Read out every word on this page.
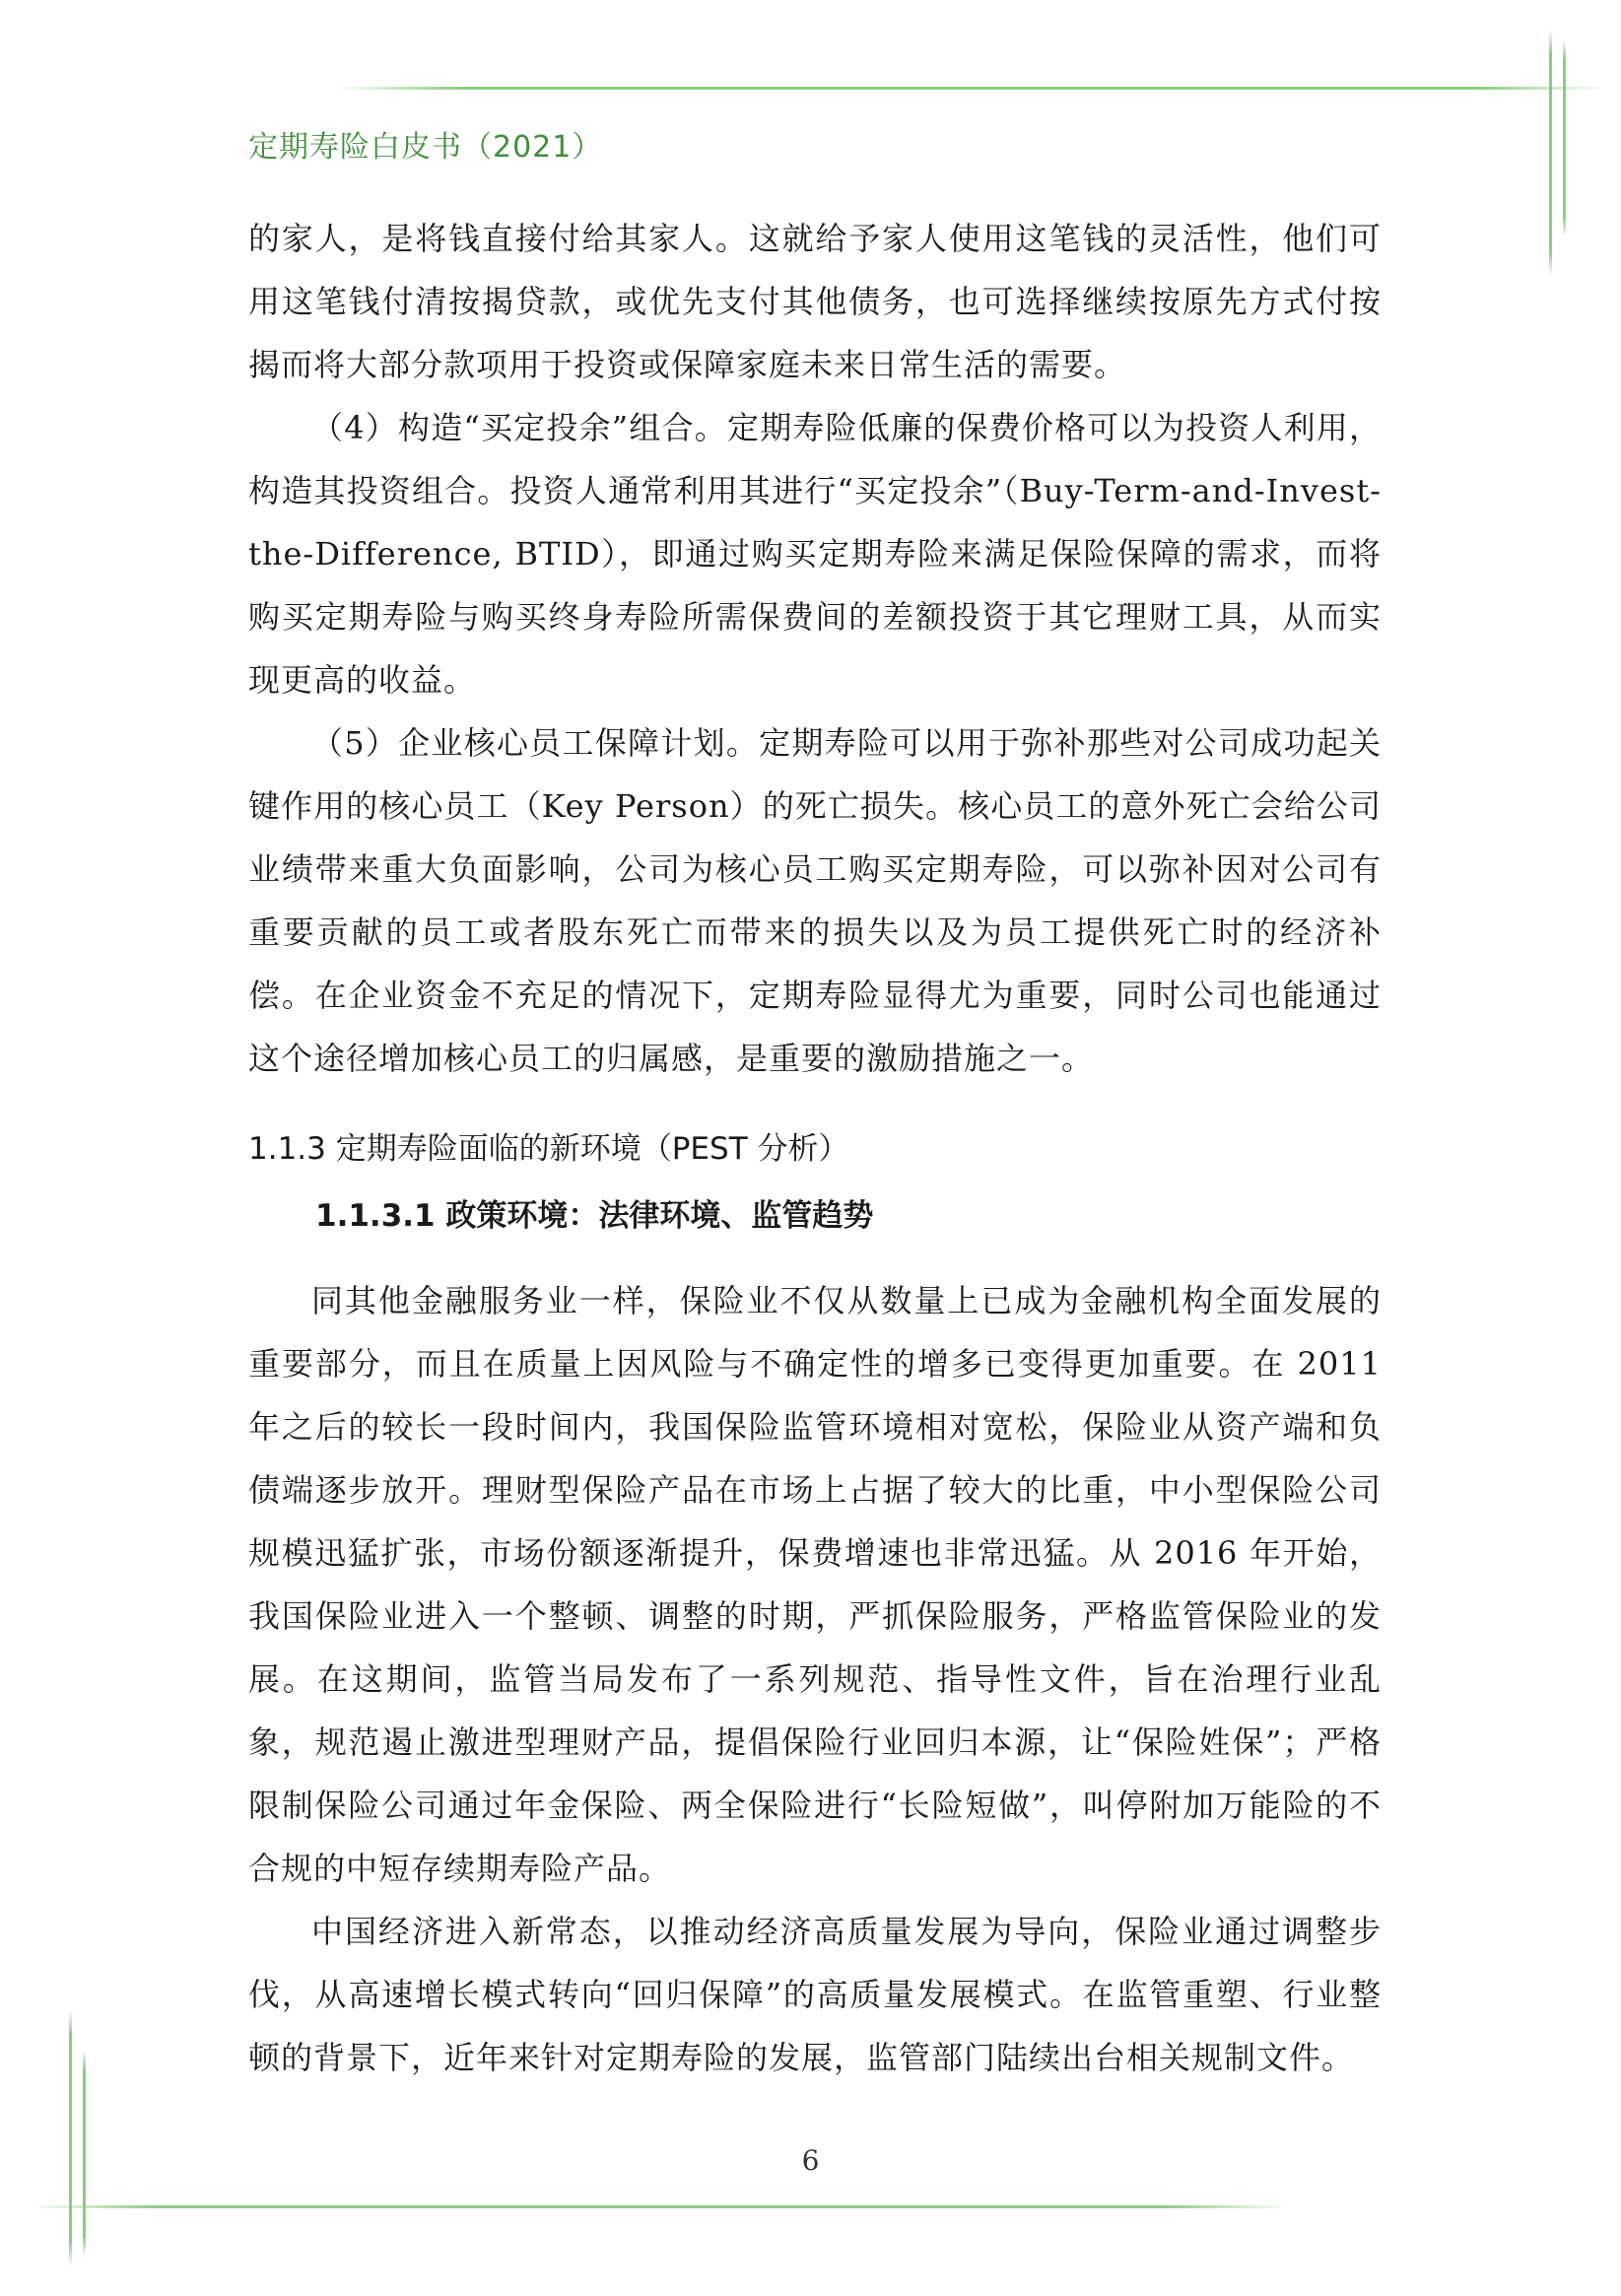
定期寿险白皮书（2021）

的家人，是将钱直接付给其家人。这就给予家人使用这笔钱的灵活性，他们可用这笔钱付清按揭贷款，或优先支付其他债务，也可选择继续按原先方式付按揭而将大部分款项用于投资或保障家庭未来日常生活的需要。

（4）构造“买定投余”组合。定期寿险低廉的保费价格可以为投资人利用，构造其投资组合。投资人通常利用其进行“买定投余”（Buy-Term-and-Invest-the-Difference, BTID），即通过购买定期寿险来满足保险保障的需求，而将购买定期寿险与购买终身寿险所需保费间的差额投资于其它理财工具，从而实现更高的收益。

（5）企业核心员工保障计划。定期寿险可以用于弥补那些对公司成功起关键作用的核心员工（Key Person）的死亡损失。核心员工的意外死亡会给公司业绩带来重大负面影响，公司为核心员工购买定期寿险，可以弥补因对公司有重要贡献的员工或者股东死亡而带来的损失以及为员工提供死亡时的经济补偿。在企业资金不充足的情况下，定期寿险显得尤为重要，同时公司也能通过这个途径增加核心员工的归属感，是重要的激励措施之一。

1.1.3 定期寿险面临的新环境（PEST 分析）
1.1.3.1 政策环境：法律环境、监管趋势

同其他金融服务业一样，保险业不仅从数量上已成为金融机构全面发展的重要部分，而且在质量上因风险与不确定性的增多已变得更加重要。在 2011 年之后的较长一段时间内，我国保险监管环境相对宽松，保险业从资产端和负债端逐步放开。理财型保险产品在市场上占据了较大的比重，中小型保险公司规模迅猛扩张，市场份额逐渐提升，保费增速也非常迅猛。从 2016 年开始，我国保险业进入一个整顿、调整的时期，严抓保险服务，严格监管保险业的发展。在这期间，监管当局发布了一系列规范、指导性文件，旨在治理行业乱象，规范遏止激进型理财产品，提倡保险行业回归本源，让“保险姓保”；严格限制保险公司通过年金保险、两全保险进行“长险短做”，叫停附加万能险的不合规的中短存续期寿险产品。

中国经济进入新常态，以推动经济高质量发展为导向，保险业通过调整步伐，从高速增长模式转向“回归保障”的高质量发展模式。在监管重塑、行业整顿的背景下，近年来针对定期寿险的发展，监管部门陆续出台相关规制文件。

6
